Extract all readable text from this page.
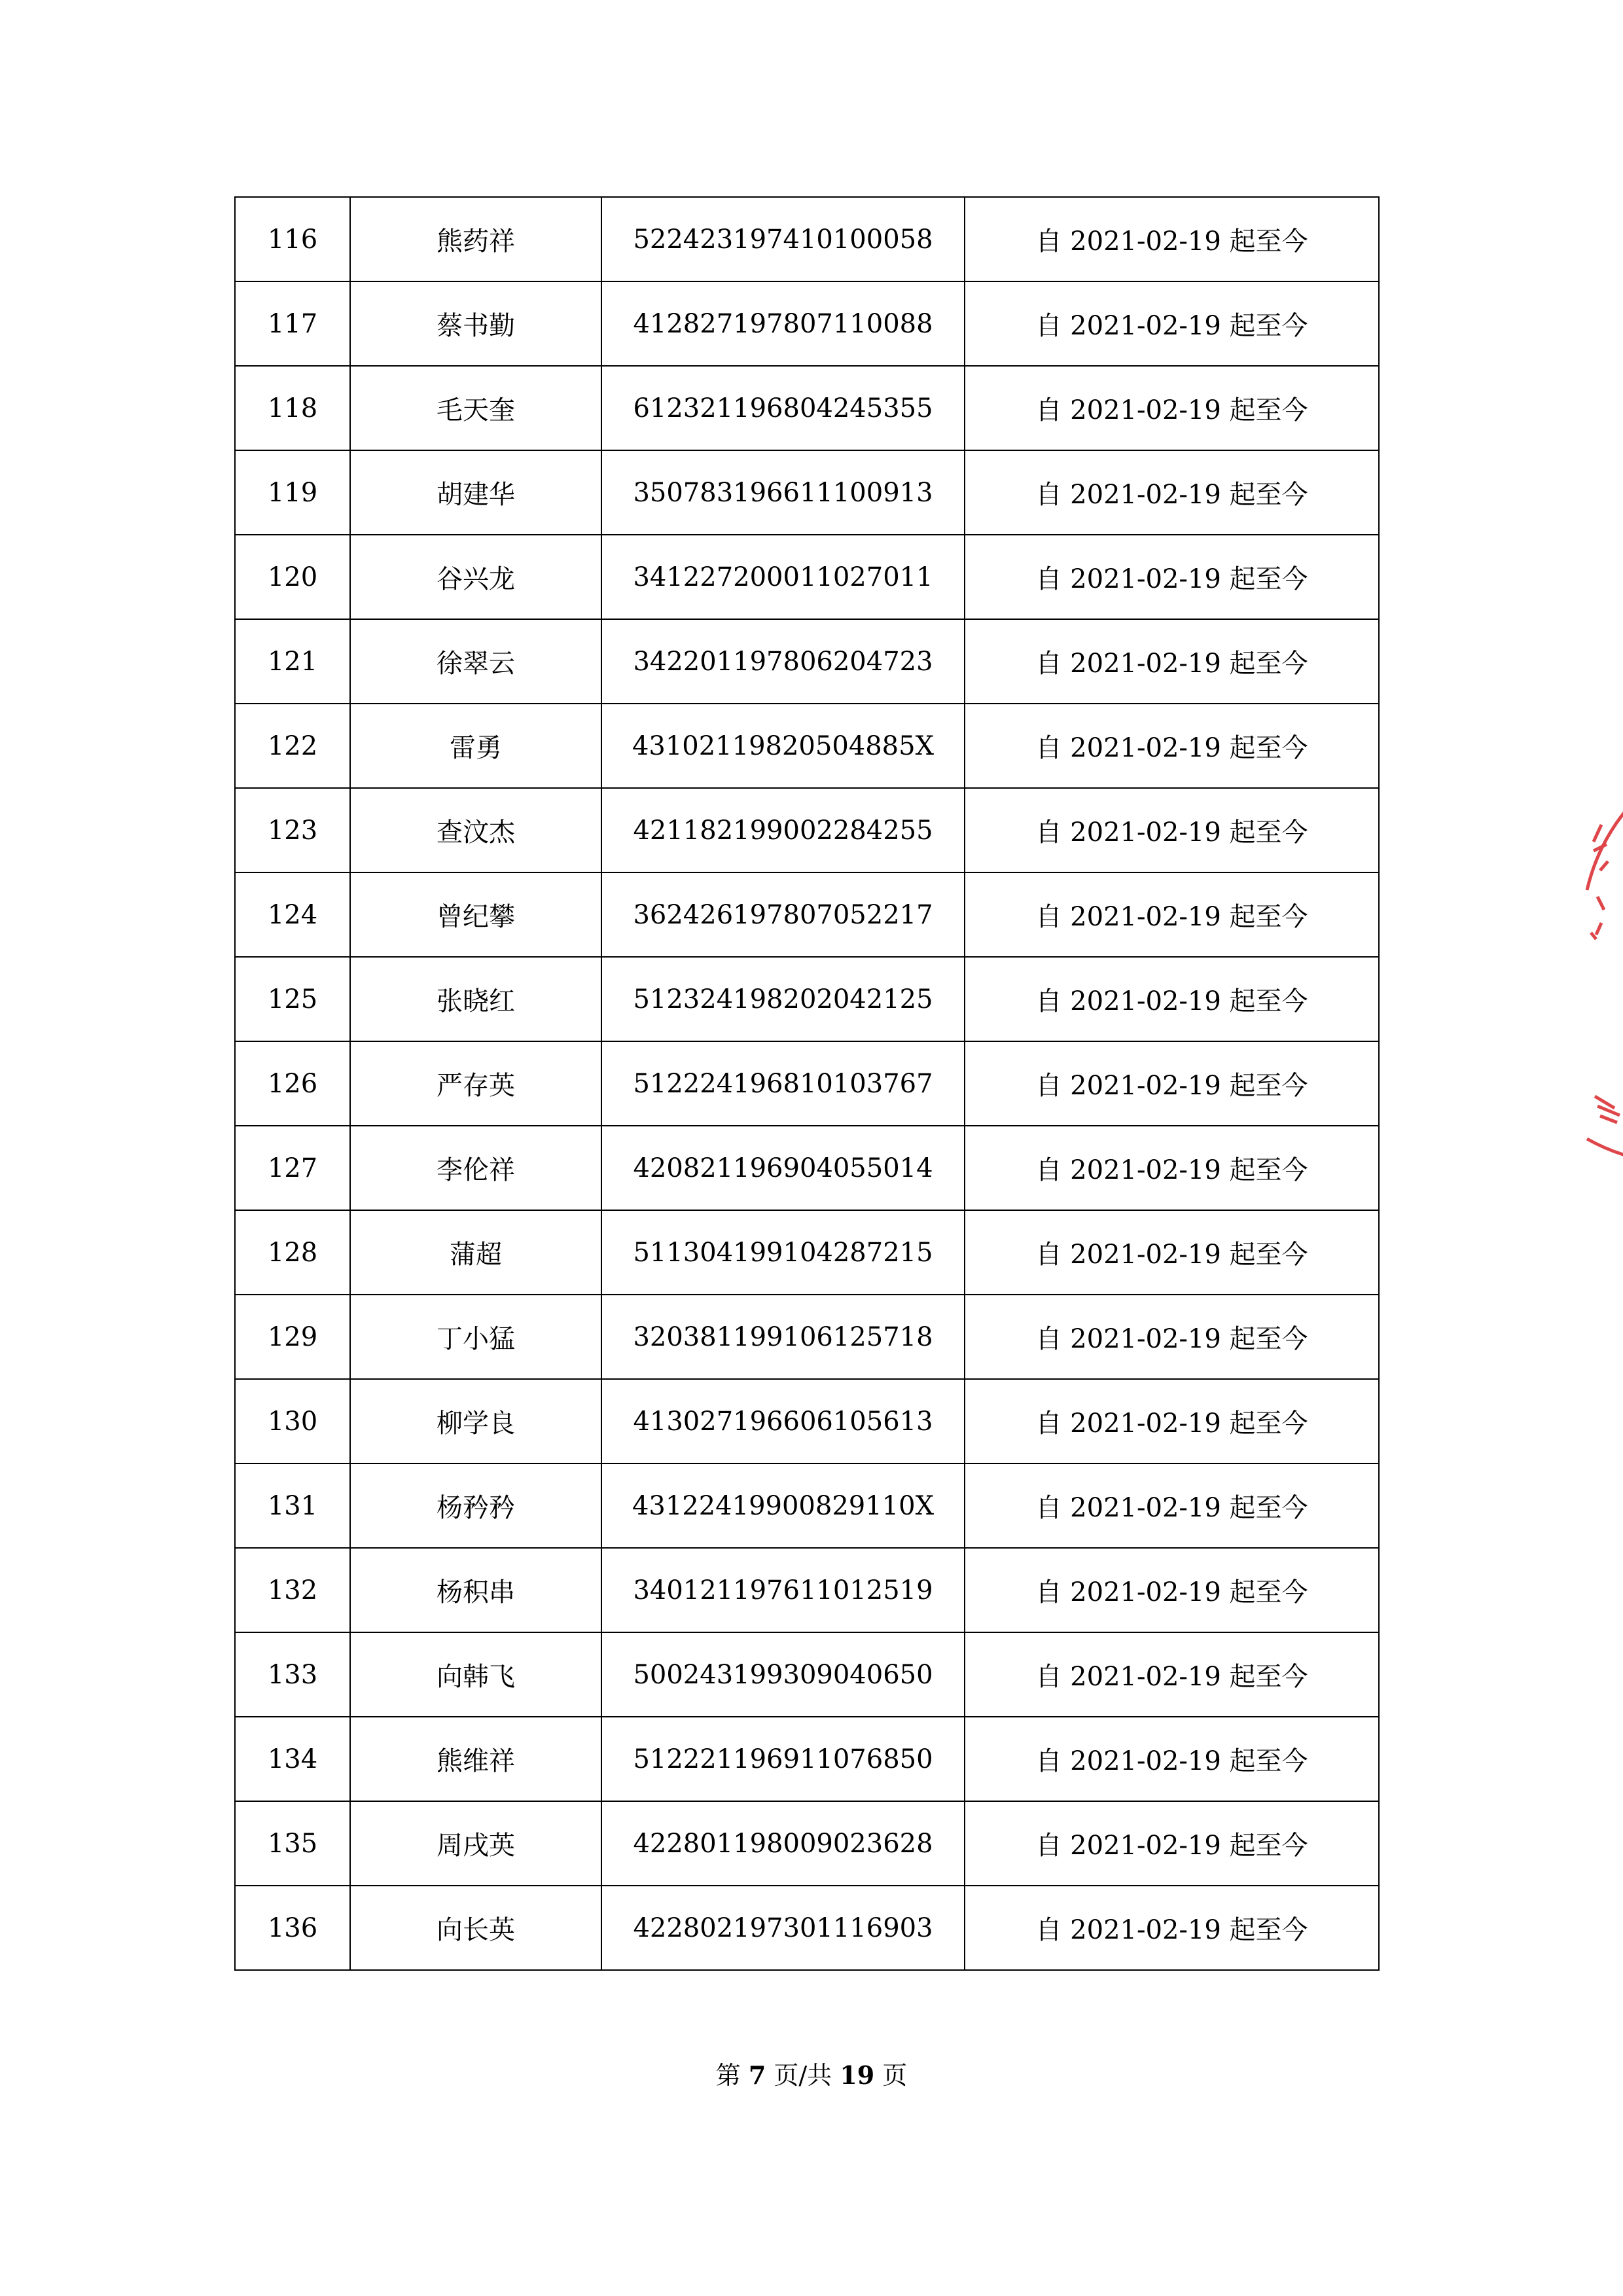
116	熊药祥	522423197410100058	自 2021-02-19 起至今
117	蔡书勤	412827197807110088	自 2021-02-19 起至今
118	毛天奎	612321196804245355	自 2021-02-19 起至今
119	胡建华	350783196611100913	自 2021-02-19 起至今
120	谷兴龙	341227200011027011	自 2021-02-19 起至今
121	徐翠云	342201197806204723	自 2021-02-19 起至今
122	雷勇	43102119820504885X	自 2021-02-19 起至今
123	查汶杰	421182199002284255	自 2021-02-19 起至今
124	曾纪攀	362426197807052217	自 2021-02-19 起至今
125	张晓红	512324198202042125	自 2021-02-19 起至今
126	严存英	512224196810103767	自 2021-02-19 起至今
127	李伦祥	420821196904055014	自 2021-02-19 起至今
128	蒲超	511304199104287215	自 2021-02-19 起至今
129	丁小猛	320381199106125718	自 2021-02-19 起至今
130	柳学良	413027196606105613	自 2021-02-19 起至今
131	杨矜矜	43122419900829110X	自 2021-02-19 起至今
132	杨积串	340121197611012519	自 2021-02-19 起至今
133	向韩飞	500243199309040650	自 2021-02-19 起至今
134	熊维祥	512221196911076850	自 2021-02-19 起至今
135	周戌英	422801198009023628	自 2021-02-19 起至今
136	向长英	422802197301116903	自 2021-02-19 起至今
第 7 页/共 19 页
